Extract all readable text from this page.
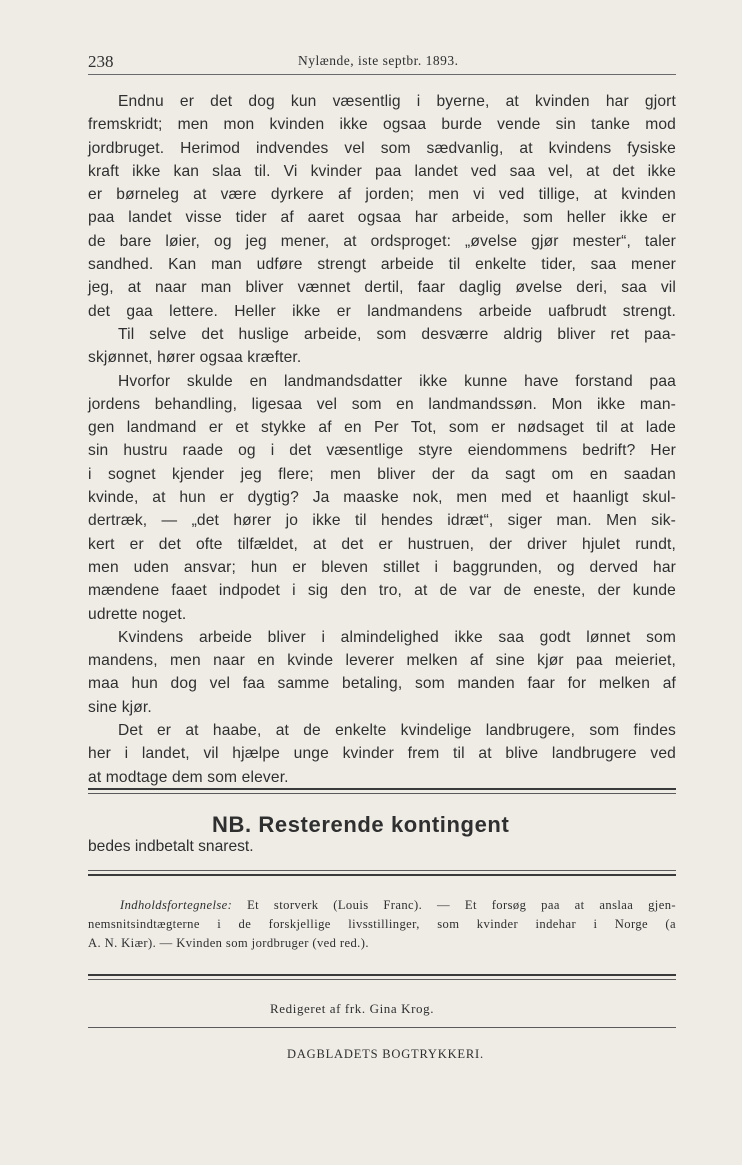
238	Nylænde, iste septbr. 1893.
Endnu er det dog kun væsentlig i byerne, at kvinden har gjort
fremskridt; men mon kvinden ikke ogsaa burde vende sin tanke mod
jordbruget. Herimod indvendes vel som sædvanlig, at kvindens fysiske
kraft ikke kan slaa til. Vi kvinder paa landet ved saa vel, at det ikke
er børneleg at være dyrkere af jorden; men vi ved tillige, at kvinden
paa landet visse tider af aaret ogsaa har arbeide, som heller ikke er
de bare løier, og jeg mener, at ordsproget: „øvelse gjør mester“, taler
sandhed. Kan man udføre strengt arbeide til enkelte tider, saa mener
jeg, at naar man bliver vænnet dertil, faar daglig øvelse deri, saa vil
det gaa lettere. Heller ikke er landmandens arbeide uafbrudt strengt.
Til selve det huslige arbeide, som desværre aldrig bliver ret paa-
skjønnet, hører ogsaa kræfter.
Hvorfor skulde en landmandsdatter ikke kunne have forstand paa
jordens behandling, ligesaa vel som en landmandssøn. Mon ikke man-
gen landmand er et stykke af en Per Tot, som er nødsaget til at lade
sin hustru raade og i det væsentlige styre eiendommens bedrift? Her
i sognet kjender jeg flere; men bliver der da sagt om en saadan
kvinde, at hun er dygtig? Ja maaske nok, men med et haanligt skul-
dertræk, — „det hører jo ikke til hendes idræt“, siger man. Men sik-
kert er det ofte tilfældet, at det er hustruen, der driver hjulet rundt,
men uden ansvar; hun er bleven stillet i baggrunden, og derved har
mændene faaet indpodet i sig den tro, at de var de eneste, der kunde
udrette noget.
Kvindens arbeide bliver i almindelighed ikke saa godt lønnet som
mandens, men naar en kvinde leverer melken af sine kjør paa meieriet,
maa hun dog vel faa samme betaling, som manden faar for melken af
sine kjør.
Det er at haabe, at de enkelte kvindelige landbrugere, som findes
her i landet, vil hjælpe unge kvinder frem til at blive landbrugere ved
at modtage dem som elever.
NB. Resterende kontingent
bedes indbetalt snarest.
Indholdsfortegnelse: Et storverk (Louis Franc). — Et forsøg paa at anslaa gjen-
nemsnitsindtægterne i de forskjellige livsstillinger, som kvinder indehar i Norge (a
A. N. Kiær). — Kvinden som jordbruger (ved red.).
Redigeret af frk. Gina Krog.
DAGBLADETS BOGTRYKKERI.
